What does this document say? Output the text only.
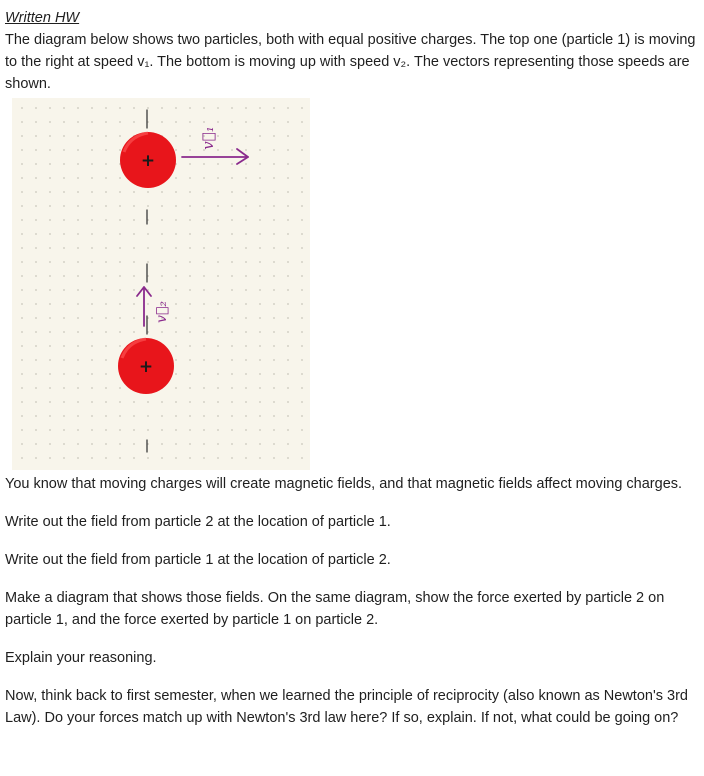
Written HW

The diagram below shows two particles, both with equal positive charges. The top one (particle 1) is moving to the right at speed v₁. The bottom is moving up with speed v₂. The vectors representing those speeds are shown.

+
v⃗₁
v⃗₂
+

You know that moving charges will create magnetic fields, and that magnetic fields affect moving charges.

Write out the field from particle 2 at the location of particle 1.

Write out the field from particle 1 at the location of particle 2.

Make a diagram that shows those fields. On the same diagram, show the force exerted by particle 2 on particle 1, and the force exerted by particle 1 on particle 2.

Explain your reasoning.

Now, think back to first semester, when we learned the principle of reciprocity (also known as Newton's 3rd Law). Do your forces match up with Newton's 3rd law here? If so, explain. If not, what could be going on?
